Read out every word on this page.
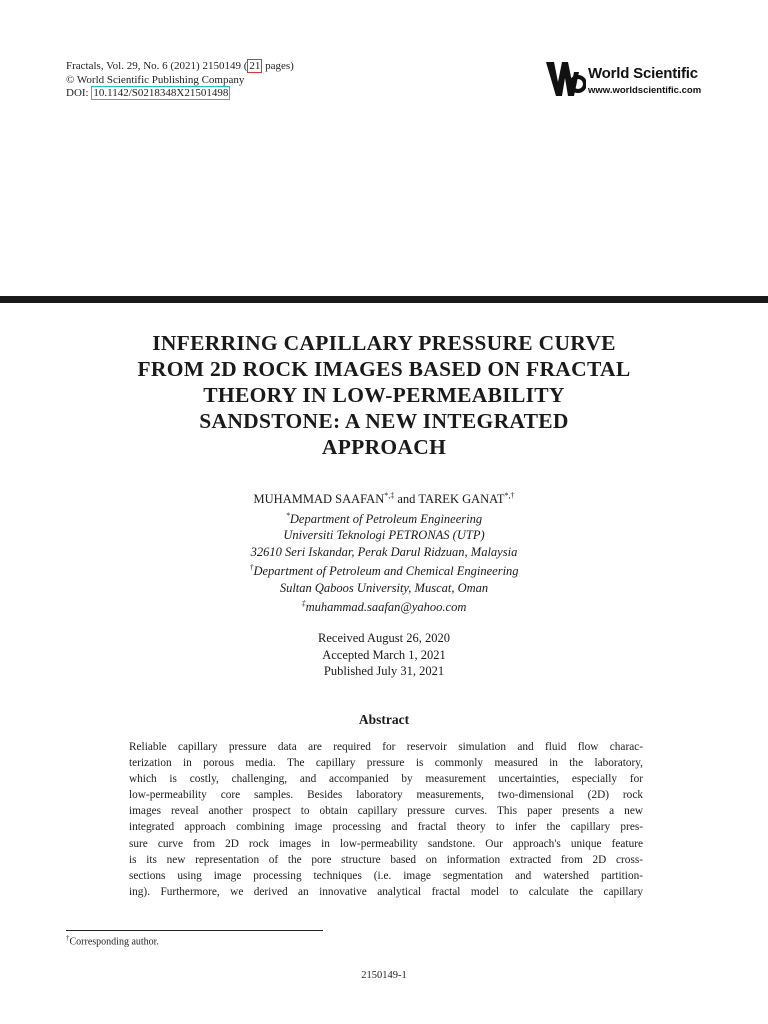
Fractals, Vol. 29, No. 6 (2021) 2150149 ( 21 pages)
© World Scientific Publishing Company
DOI: 10.1142/S0218348X21501498
World Scientific
www.worldscientific.com
INFERRING CAPILLARY PRESSURE CURVE
FROM 2D ROCK IMAGES BASED ON FRACTAL
THEORY IN LOW-PERMEABILITY
SANDSTONE: A NEW INTEGRATED
APPROACH
MUHAMMAD SAAFAN*,‡ and TAREK GANAT*,†
*Department of Petroleum Engineering
Universiti Teknologi PETRONAS (UTP)
32610 Seri Iskandar, Perak Darul Ridzuan, Malaysia
†Department of Petroleum and Chemical Engineering
Sultan Qaboos University, Muscat, Oman
‡muhammad.saafan@yahoo.com
Received August 26, 2020
Accepted March 1, 2021
Published July 31, 2021
Abstract
Reliable capillary pressure data are required for reservoir simulation and fluid flow charac-
terization in porous media. The capillary pressure is commonly measured in the laboratory,
which is costly, challenging, and accompanied by measurement uncertainties, especially for
low-permeability core samples. Besides laboratory measurements, two-dimensional (2D) rock
images reveal another prospect to obtain capillary pressure curves. This paper presents a new
integrated approach combining image processing and fractal theory to infer the capillary pres-
sure curve from 2D rock images in low-permeability sandstone. Our approach's unique feature
is its new representation of the pore structure based on information extracted from 2D cross-
sections using image processing techniques (i.e. image segmentation and watershed partition-
ing). Furthermore, we derived an innovative analytical fractal model to calculate the capillary
†Corresponding author.
2150149-1
